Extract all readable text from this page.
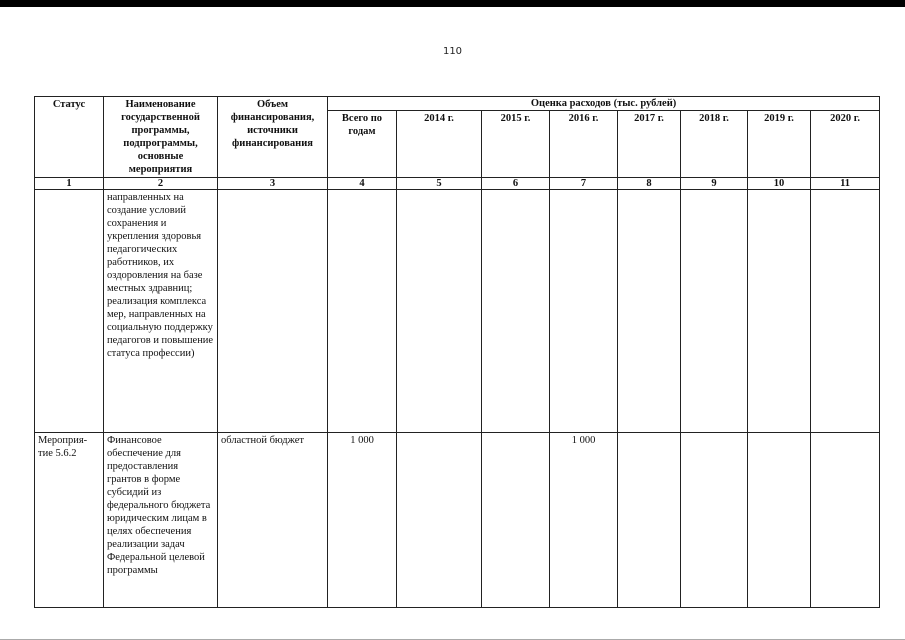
110
Статус	Наименование государственной программы, подпрограммы, основные мероприятия	Объем финансирования, источники финансирования	Оценка расходов (тыс. рублей)							
			Всего по годам	2014 г.	2015 г.	2016 г.	2017 г.	2018 г.	2019 г.	2020 г.
1	2	3	4	5	6	7	8	9	10	11
	направленных на создание условий сохранения и укрепления здоровья педагогических работников, их оздоровления на базе местных здравниц; реализация комплекса мер, направленных на социальную поддержку педагогов и повышение статуса профессии)									
Мероприя-тие 5.6.2	Финансовое обеспечение для предоставления грантов в форме субсидий из федерального бюджета юридическим лицам в целях обеспечения реализации задач Федеральной целевой программы	областной бюджет	1 000			1 000				
